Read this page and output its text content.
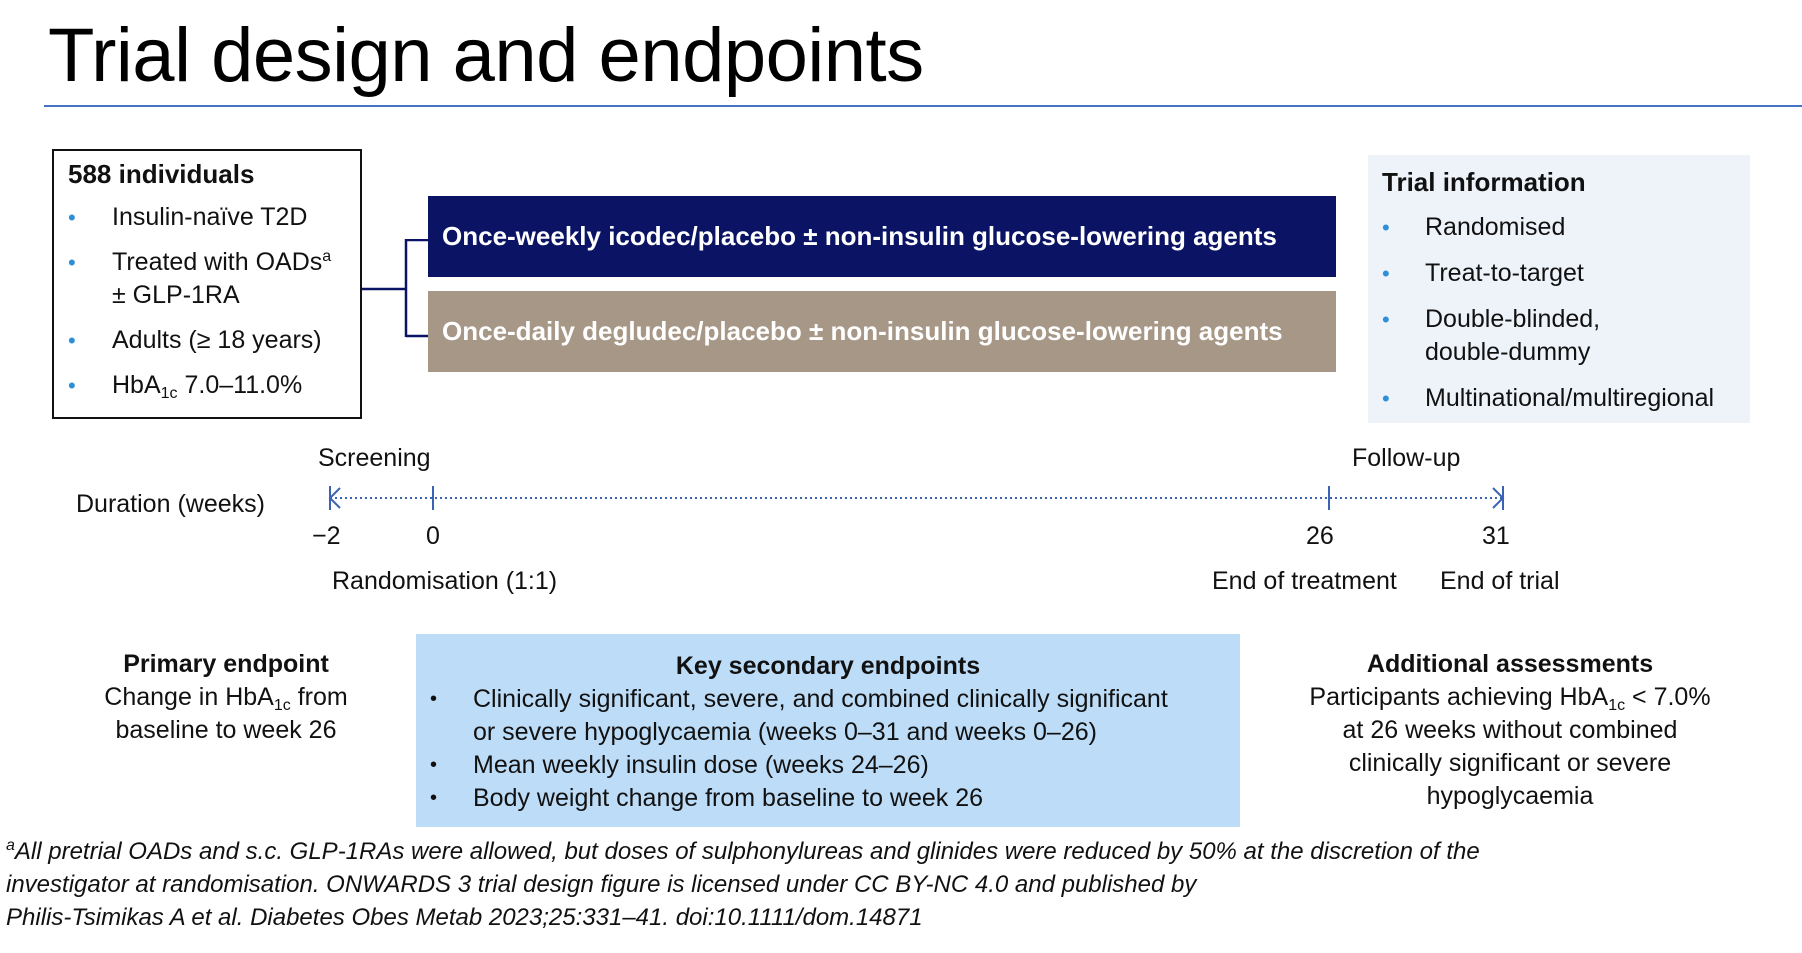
Trial design and endpoints
588 individuals
• Insulin-naïve T2D
• Treated with OADs$^a$
± GLP-1RA
• Adults (≥ 18 years)
• HbA$_{1c}$ 7.0–11.0%
Once-weekly icodec/placebo ± non-insulin glucose-lowering agents
Once-daily degludec/placebo ± non-insulin glucose-lowering agents
Trial information
• Randomised
• Treat-to-target
• Double-blinded,
double-dummy
• Multinational/multiregional
Screening	Follow-up
Duration (weeks)
−2	0	26	31
Randomisation (1:1)	End of treatment End of trial
Primary endpoint
Change in HbA$_{1c}$ from
baseline to week 26
Key secondary endpoints
• Clinically significant, severe, and combined clinically significant
or severe hypoglycaemia (weeks 0–31 and weeks 0–26)
• Mean weekly insulin dose (weeks 24–26)
• Body weight change from baseline to week 26
Additional assessments
Participants achieving HbA$_{1c}$ < 7.0%
at 26 weeks without combined
clinically significant or severe
hypoglycaemia
$^a$All pretrial OADs and s.c. GLP-1RAs were allowed, but doses of sulphonylureas and glinides were reduced by 50% at the discretion of the
investigator at randomisation. ONWARDS 3 trial design figure is licensed under CC BY-NC 4.0 and published by
Philis-Tsimikas A et al. Diabetes Obes Metab 2023;25:331–41. doi:10.1111/dom.14871
